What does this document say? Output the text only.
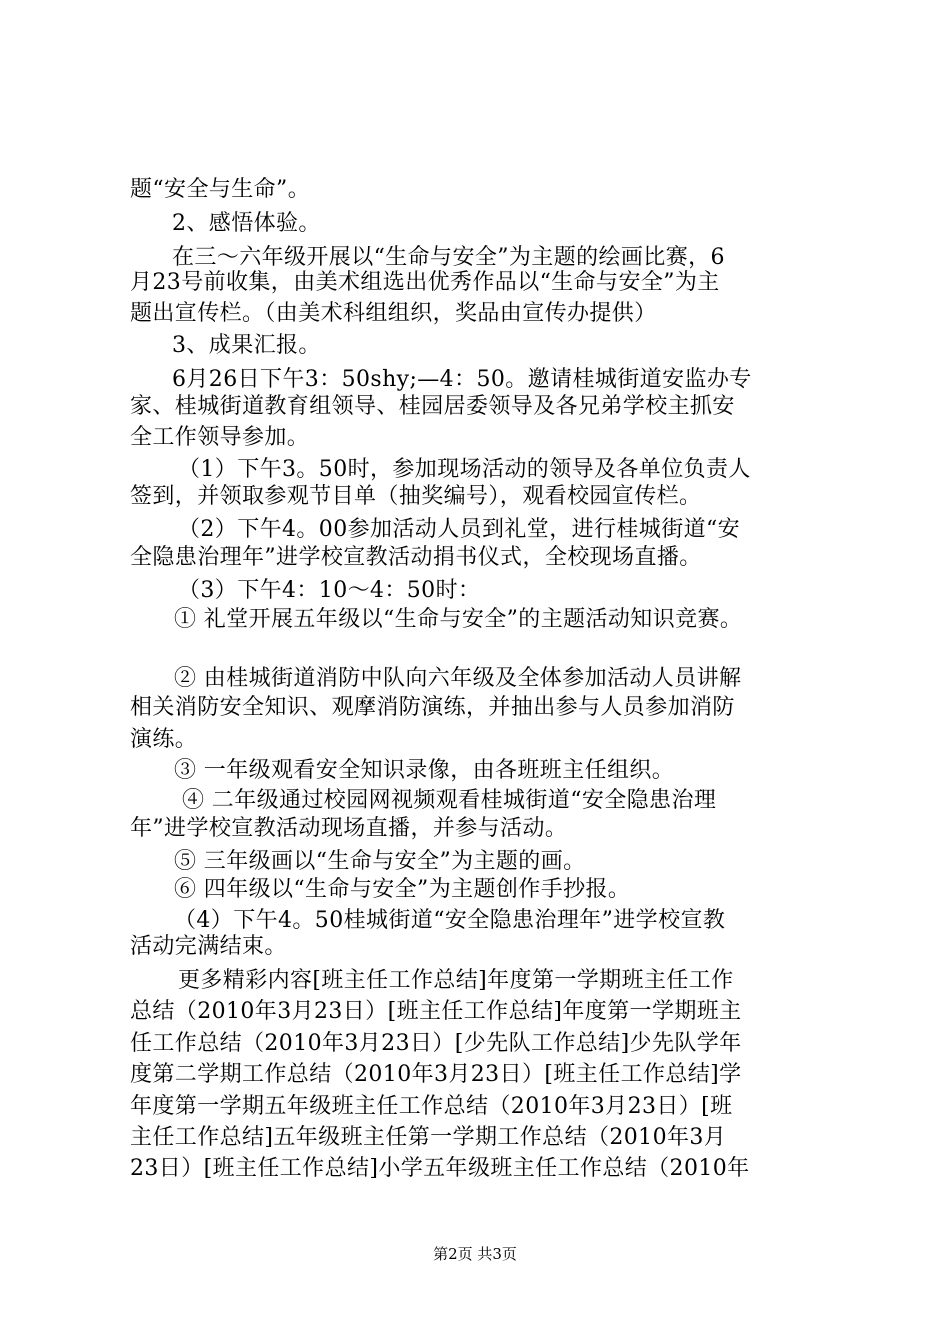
题“安全与生命”。
2、感悟体验。
在三～六年级开展以“生命与安全”为主题的绘画比赛，6
月23号前收集，由美术组选出优秀作品以“生命与安全”为主
题出宣传栏。（由美术科组组织，奖品由宣传办提供）
3、成果汇报。
6月26日下午3：50shy;—4：50。邀请桂城街道安监办专
家、桂城街道教育组领导、桂园居委领导及各兄弟学校主抓安
全工作领导参加。
（1）下午3。50时，参加现场活动的领导及各单位负责人
签到，并领取参观节目单（抽奖编号），观看校园宣传栏。
（2）下午4。00参加活动人员到礼堂，进行桂城街道“安
全隐患治理年”进学校宣教活动捐书仪式，全校现场直播。
（3）下午4：10～4：50时：
① 礼堂开展五年级以“生命与安全”的主题活动知识竞赛。
② 由桂城街道消防中队向六年级及全体参加活动人员讲解
相关消防安全知识、观摩消防演练，并抽出参与人员参加消防
演练。
③ 一年级观看安全知识录像，由各班班主任组织。
④ 二年级通过校园网视频观看桂城街道“安全隐患治理
年”进学校宣教活动现场直播，并参与活动。
⑤ 三年级画以“生命与安全”为主题的画。
⑥ 四年级以“生命与安全”为主题创作手抄报。
（4）下午4。50桂城街道“安全隐患治理年”进学校宣教
活动完满结束。
更多精彩内容[班主任工作总结]年度第一学期班主任工作
总结（2010年3月23日）[班主任工作总结]年度第一学期班主
任工作总结（2010年3月23日）[少先队工作总结]少先队学年
度第二学期工作总结（2010年3月23日）[班主任工作总结]学
年度第一学期五年级班主任工作总结（2010年3月23日）[班
主任工作总结]五年级班主任第一学期工作总结（2010年3月
23日）[班主任工作总结]小学五年级班主任工作总结（2010年
第2页 共3页
